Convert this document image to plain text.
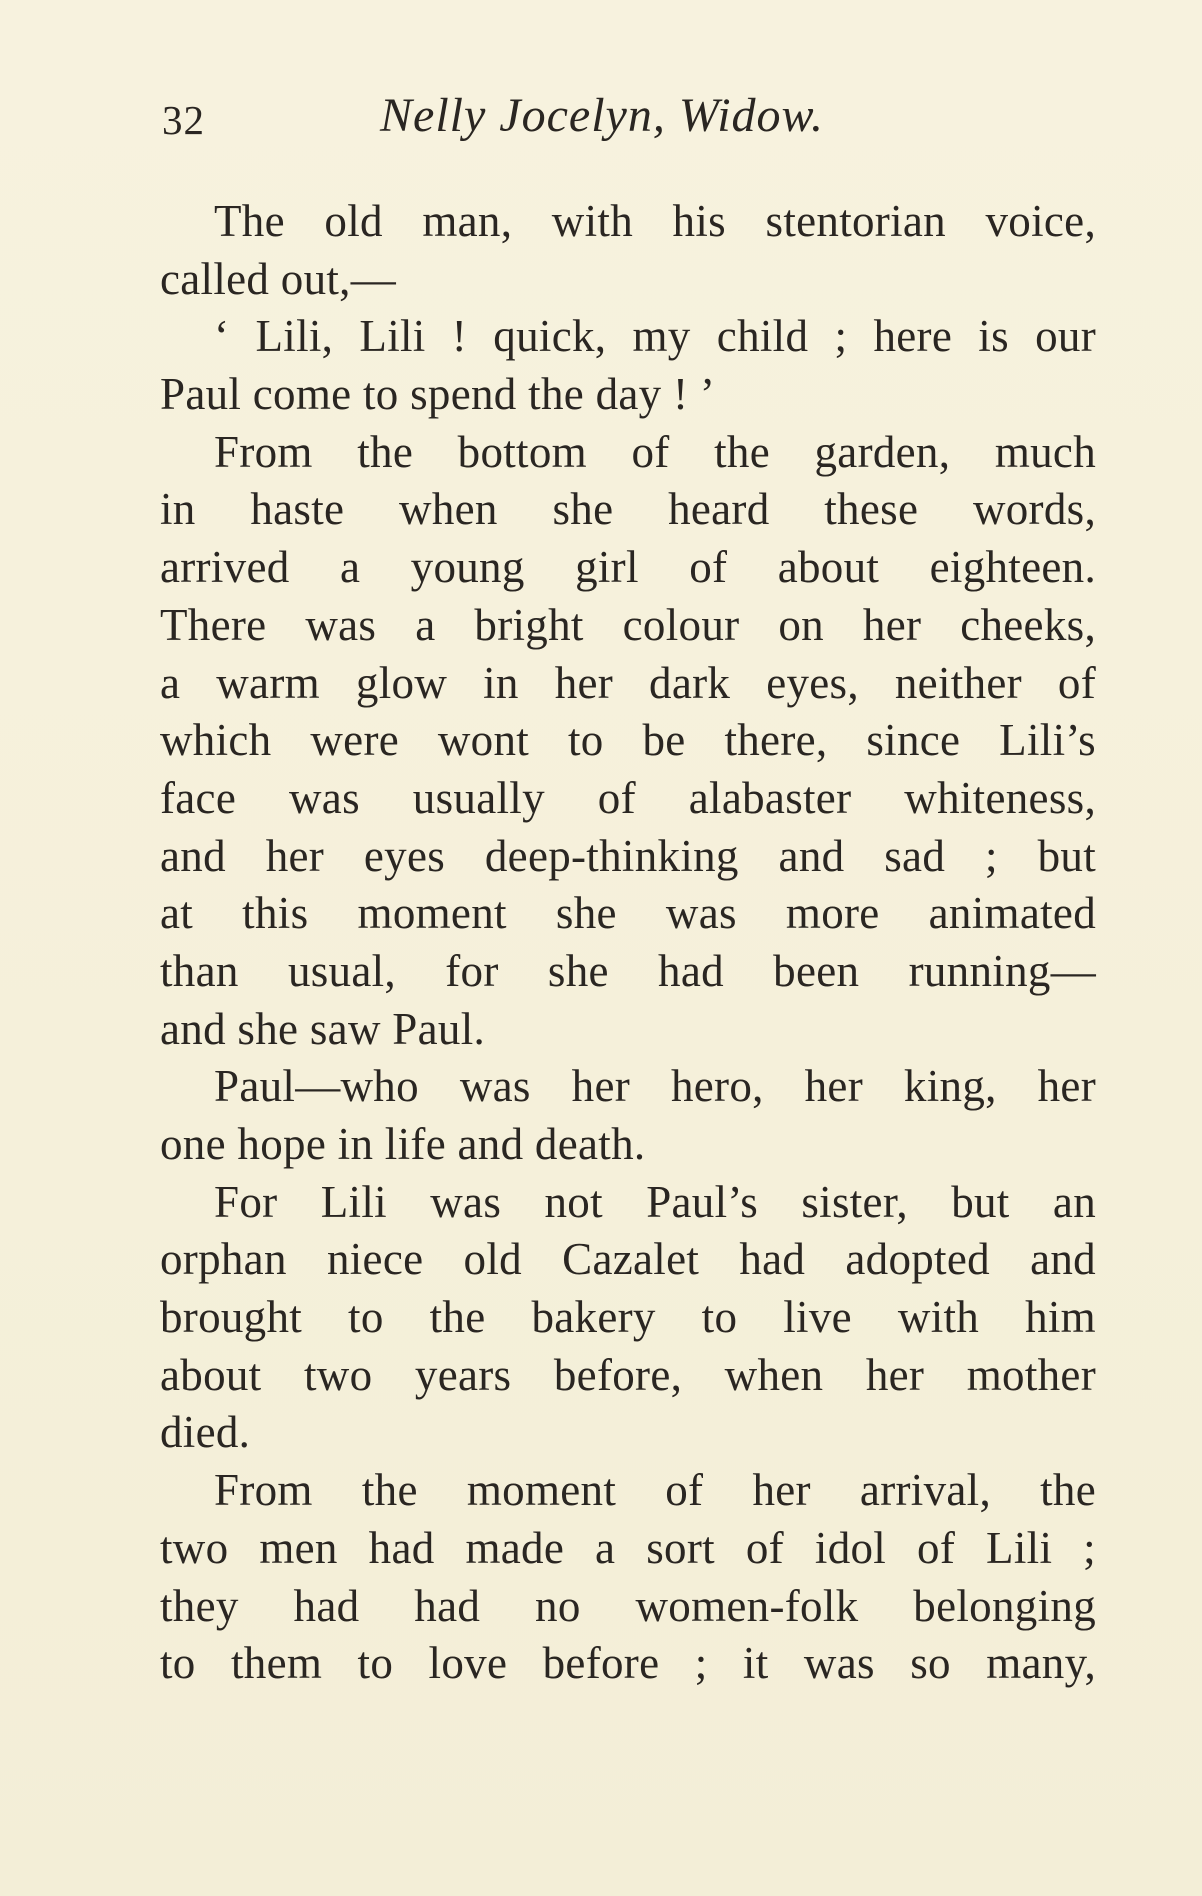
32	Nelly Jocelyn, Widow.
The old man, with his stentorian voice,
called out,—
‘ Lili, Lili ! quick, my child ; here is our
Paul come to spend the day ! ’
From the bottom of the garden, much
in haste when she heard these words,
arrived a young girl of about eighteen.
There was a bright colour on her cheeks,
a warm glow in her dark eyes, neither of
which were wont to be there, since Lili’s
face was usually of alabaster whiteness,
and her eyes deep-thinking and sad ; but
at this moment she was more animated
than usual, for she had been running—
and she saw Paul.
Paul—who was her hero, her king, her
one hope in life and death.
For Lili was not Paul’s sister, but an
orphan niece old Cazalet had adopted and
brought to the bakery to live with him
about two years before, when her mother
died.
From the moment of her arrival, the
two men had made a sort of idol of Lili ;
they had had no women-folk belonging
to them to love before ; it was so many,
